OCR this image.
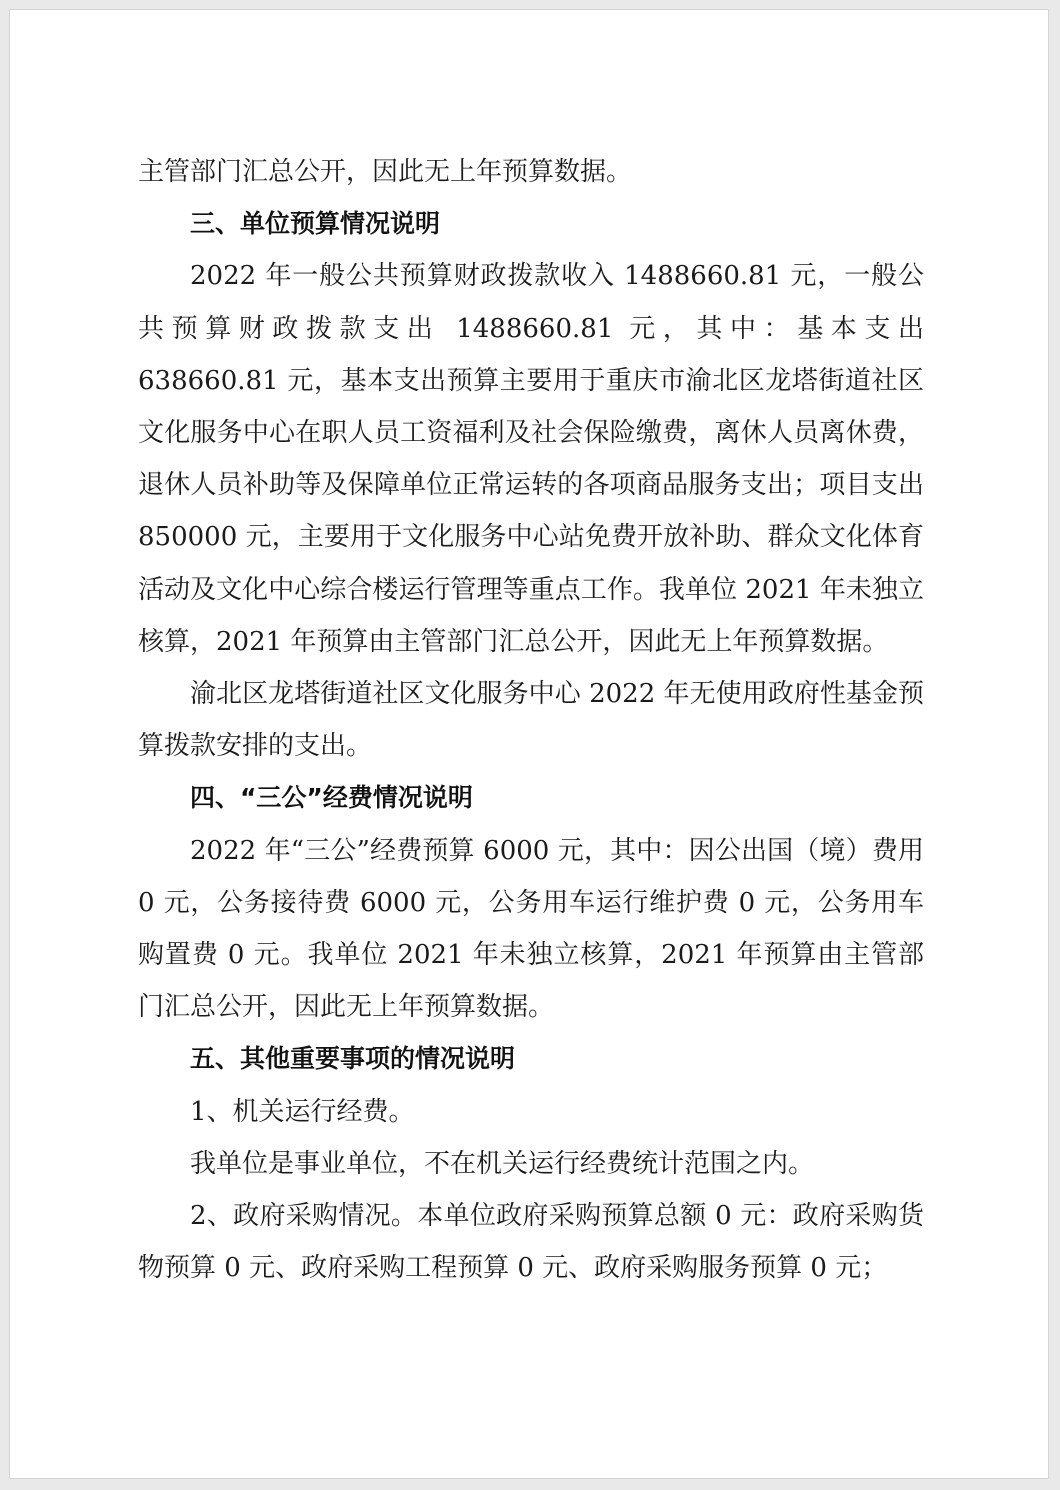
主管部门汇总公开，因此无上年预算数据。

三、单位预算情况说明

2022 年一般公共预算财政拨款收入 1488660.81 元，一般公共预算财政拨款支出 1488660.81 元，其中：基本支出 638660.81 元，基本支出预算主要用于重庆市渝北区龙塔街道社区文化服务中心在职人员工资福利及社会保险缴费，离休人员离休费，退休人员补助等及保障单位正常运转的各项商品服务支出；项目支出 850000 元，主要用于文化服务中心站免费开放补助、群众文化体育活动及文化中心综合楼运行管理等重点工作。我单位 2021 年未独立核算，2021 年预算由主管部门汇总公开，因此无上年预算数据。

渝北区龙塔街道社区文化服务中心 2022 年无使用政府性基金预算拨款安排的支出。

四、“三公”经费情况说明

2022 年“三公”经费预算 6000 元，其中：因公出国（境）费用 0 元，公务接待费 6000 元，公务用车运行维护费 0 元，公务用车购置费 0 元。我单位 2021 年未独立核算，2021 年预算由主管部门汇总公开，因此无上年预算数据。

五、其他重要事项的情况说明

1、机关运行经费。

我单位是事业单位，不在机关运行经费统计范围之内。

2、政府采购情况。本单位政府采购预算总额 0 元：政府采购货物预算 0 元、政府采购工程预算 0 元、政府采购服务预算 0 元；
